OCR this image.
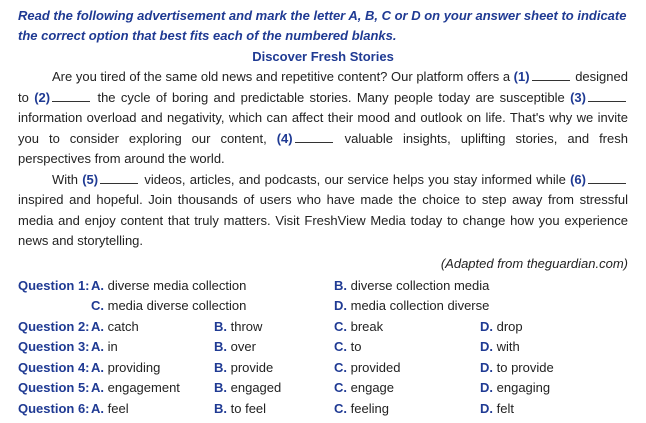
Read the following advertisement and mark the letter A, B, C or D on your answer sheet to indicate the correct option that best fits each of the numbered blanks.

Discover Fresh Stories

Are you tired of the same old news and repetitive content? Our platform offers a (1)	designed to (2)	the cycle of boring and predictable stories. Many people today are susceptible (3) information overload and negativity, which can affect their mood and outlook on life. That's why we invite you to consider exploring our content, (4)	valuable insights, uplifting stories, and fresh perspectives from around the world.

With (5)	videos, articles, and podcasts, our service helps you stay informed while (6) inspired and hopeful. Join thousands of users who have made the choice to step away from stressful media and enjoy content that truly matters. Visit FreshView Media today to change how you experience news and storytelling.

(Adapted from theguardian.com)

Question 1: A. diverse media collection	B. diverse collection media
C. media diverse collection	D. media collection diverse
Question 2: A. catch	B. throw	C. break	D. drop
Question 3: A. in	B. over	C. to	D. with
Question 4: A. providing	B. provide	C. provided	D. to provide
Question 5: A. engagement	B. engaged	C. engage	D. engaging
Question 6: A. feel	B. to feel	C. feeling	D. felt
